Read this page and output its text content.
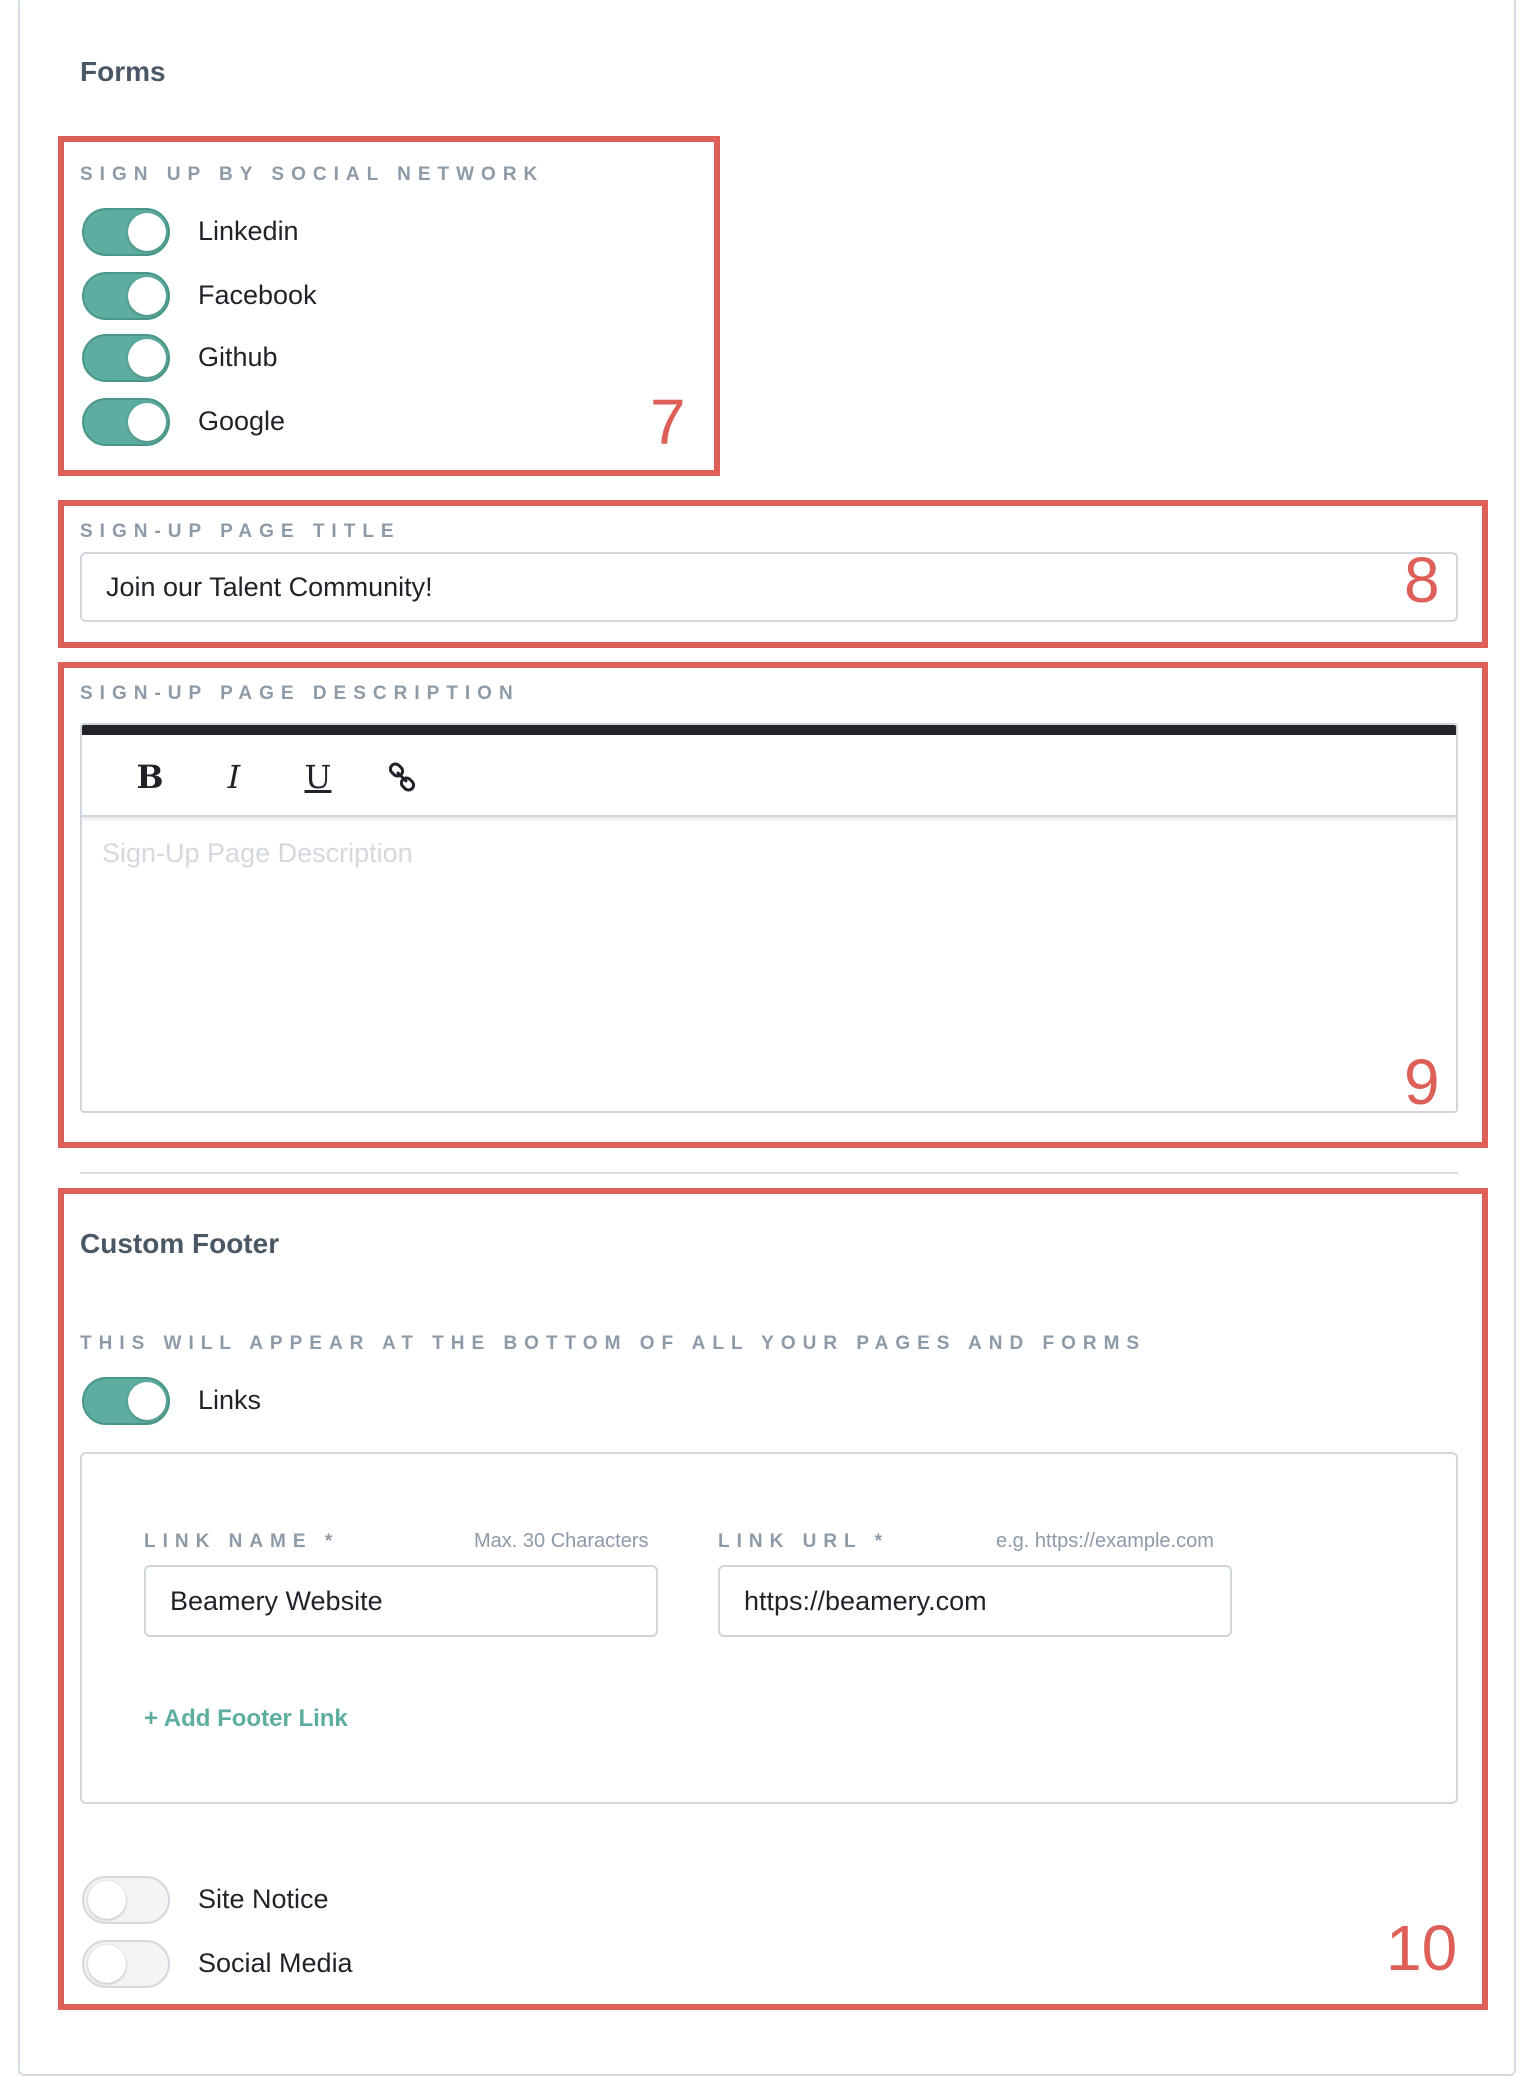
Forms
SIGN UP BY SOCIAL NETWORK
Linkedin
Facebook
Github
Google
SIGN-UP PAGE TITLE
Join our Talent Community!
SIGN-UP PAGE DESCRIPTION
B	I	U
Sign-Up Page Description
Custom Footer
THIS WILL APPEAR AT THE BOTTOM OF ALL YOUR PAGES AND FORMS
Links
LINK NAME *	Max. 30 Characters
Beamery Website
LINK URL *	e.g. https://example.com
https://beamery.com
+ Add Footer Link
Site Notice
Social Media
7
8
9
10
